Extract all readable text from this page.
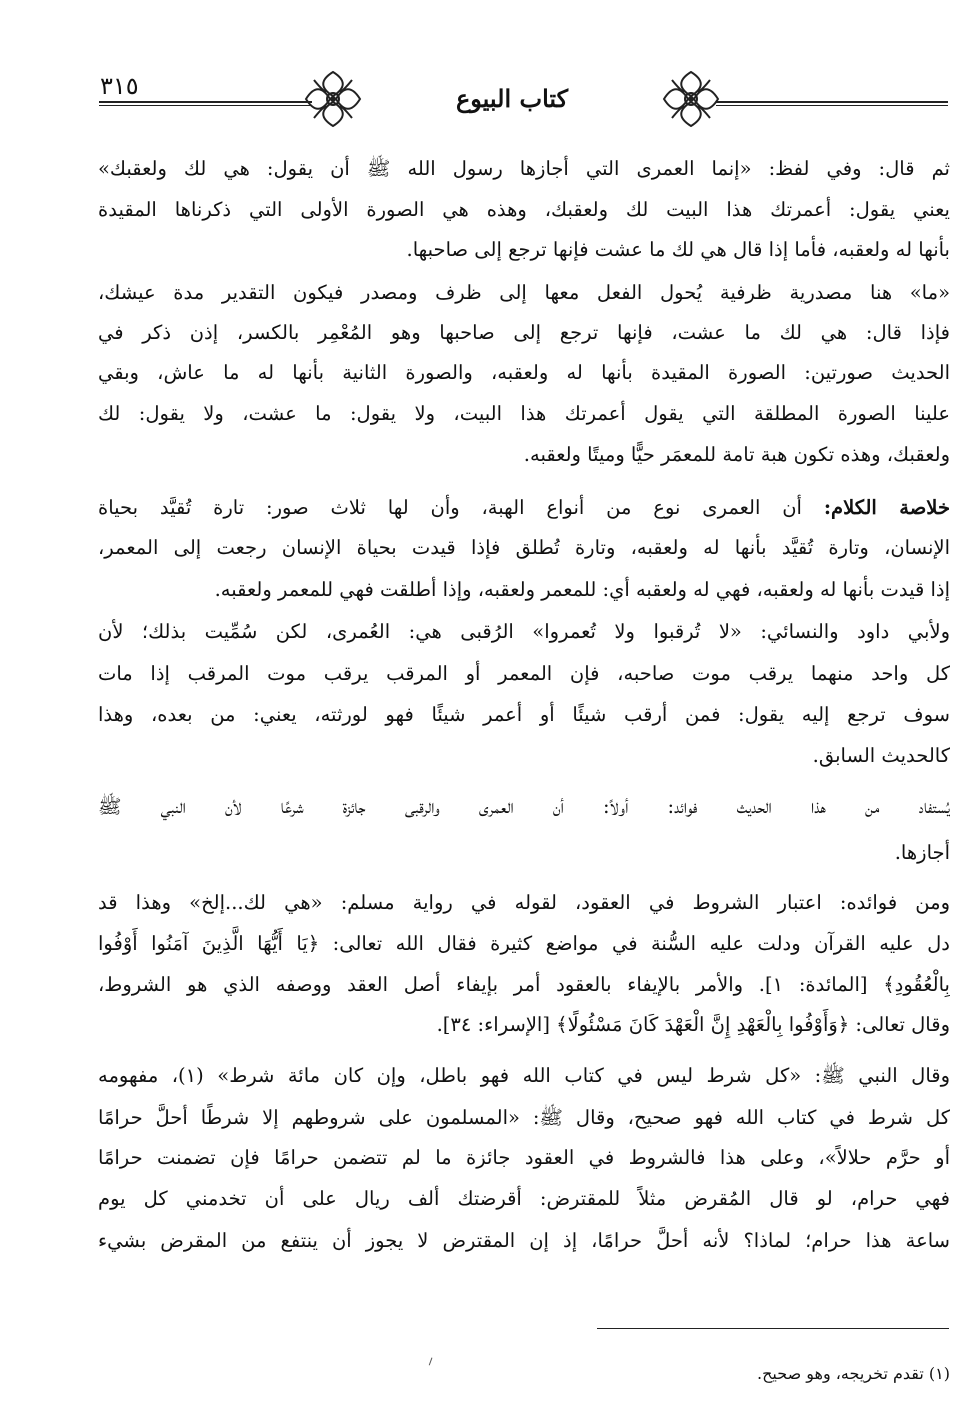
كتاب البيوع
٣١٥
ثم قال: وفي لفظ: «إنما العمرى التي أجازها رسول الله ﷺ أن يقول: هي لك ولعقبك»
يعني يقول: أعمرتك هذا البيت لك ولعقبك، وهذه هي الصورة الأولى التي ذكرناها المقيدة
بأنها له ولعقبه، فأما إذا قال هي لك ما عشت فإنها ترجع إلى صاحبها.
«ما» هنا مصدرية ظرفية يُحول الفعل معها إلى ظرف ومصدر فيكون التقدير مدة عيشك،
فإذا قال: هي لك ما عشت، فإنها ترجع إلى صاحبها وهو المُعْمِر بالكسر، إذن ذكر في
الحديث صورتين: الصورة المقيدة بأنها له ولعقبه، والصورة الثانية بأنها له ما عاش، وبقي
علينا الصورة المطلقة التي يقول أعمرتك هذا البيت، ولا يقول: ما عشت، ولا يقول: لك
ولعقبك، وهذه تكون هبة تامة للمعمَر حيًّا وميتًا ولعقبه.
خلاصة الكلام: أن العمرى نوع من أنواع الهبة، وأن لها ثلاث صور: تارة تُقيَّد بحياة
الإنسان، وتارة تُقيَّد بأنها له ولعقبه، وتارة تُطلق فإذا قيدت بحياة الإنسان رجعت إلى المعمر،
إذا قيدت بأنها له ولعقبه، فهي له ولعقبه أي: للمعمر ولعقبه، وإذا أطلقت فهي للمعمر ولعقبه.
ولأبي داود والنسائي: «لا تُرقبوا ولا تُعمروا» الرُقبى هي: العُمرى، لكن سُمِّيت بذلك؛ لأن
كل واحد منهما يرقب موت صاحبه، فإن المعمر أو المرقب يرقب موت المرقب إذا مات
سوف ترجع إليه يقول: فمن أرقب شيئًا أو أعمر شيئًا فهو لورثته، يعني: من بعده، وهذا
كالحديث السابق.
يُستفاد من هذا الحديث فوائد: أولاً: أن العمرى والرقبى جائزة شرعًا لأن النبي ﷺ
أجازها.
ومن فوائده: اعتبار الشروط في العقود، لقوله في رواية مسلم: «هي لك...إلخ» وهذا قد
دل عليه القرآن ودلت عليه السُّنة في مواضع كثيرة فقال الله تعالى: ﴿يَا أَيُّهَا الَّذِينَ آمَنُوا أَوْفُوا
بِالْعُقُودِ﴾ [المائدة: ١]. والأمر بالإيفاء بالعقود أمر بإيفاء أصل العقد ووصفه الذي هو الشروط،
وقال تعالى: ﴿وَأَوْفُوا بِالْعَهْدِ إِنَّ الْعَهْدَ كَانَ مَسْئُولًا﴾ [الإسراء: ٣٤].
وقال النبي ﷺ: «كل شرط ليس في كتاب الله فهو باطل، وإن كان مائة شرط» (١)، مفهومه
كل شرط في كتاب الله فهو صحيح، وقال ﷺ: «المسلمون على شروطهم إلا شرطًا أحلَّ حرامًا
أو حرَّم حلالاً»، وعلى هذا فالشروط في العقود جائزة ما لم تتضمن حرامًا فإن تضمنت حرامًا
فهي حرام، لو قال المُقرض مثلاً للمقترض: أقرضتك ألف ريال على أن تخدمني كل يوم
ساعة هذا حرام؛ لماذا؟ لأنه أحلَّ حرامًا، إذ إن المقترض لا يجوز أن ينتفع من المقرض بشيء
(١) تقدم تخريجه، وهو صحيح.
